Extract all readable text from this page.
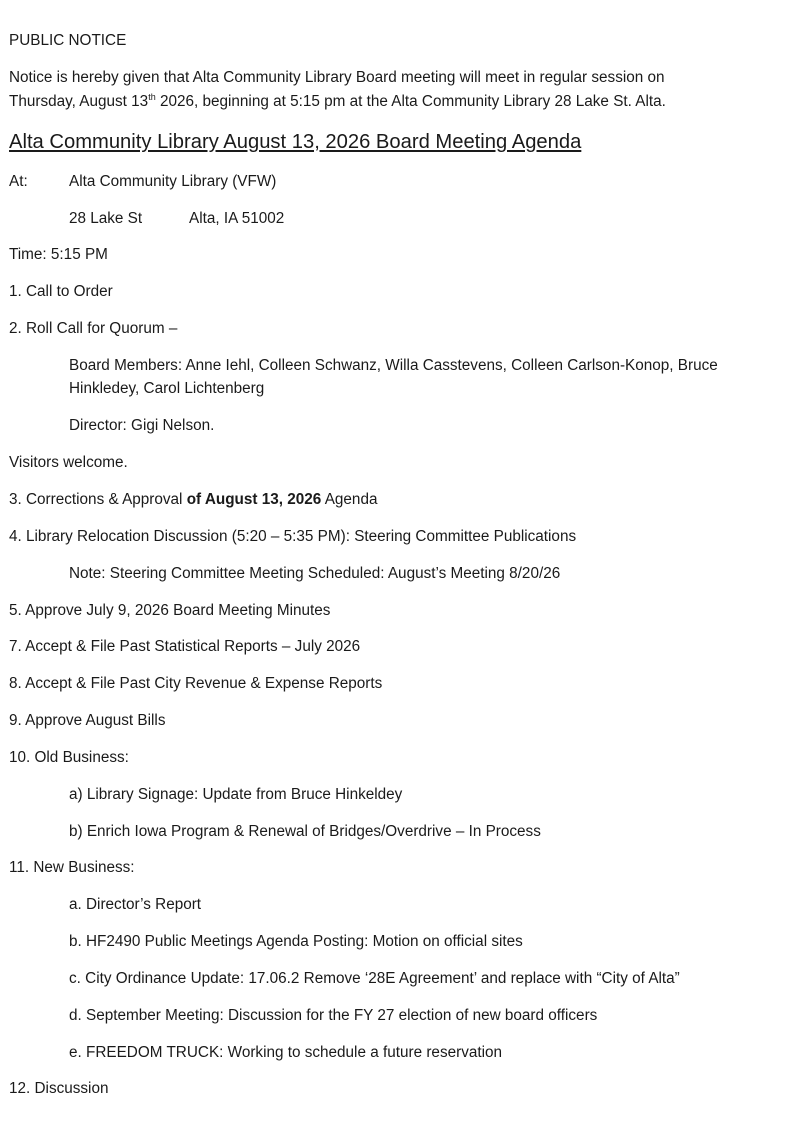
PUBLIC NOTICE
Notice is hereby given that Alta Community Library Board meeting will meet in regular session on
Thursday, August 13th 2026, beginning at 5:15 pm at the Alta Community Library 28 Lake St. Alta.
Alta Community Library August 13, 2026 Board Meeting Agenda
At:	Alta Community Library (VFW)
28 Lake St	Alta, IA 51002
Time: 5:15 PM
1. Call to Order
2. Roll Call for Quorum –
Board Members: Anne Iehl, Colleen Schwanz, Willa Casstevens, Colleen Carlson-Konop, Bruce
Hinkledey, Carol Lichtenberg
Director: Gigi Nelson.
Visitors welcome.
3. Corrections & Approval of August 13, 2026 Agenda
4. Library Relocation Discussion (5:20 – 5:35 PM): Steering Committee Publications
Note: Steering Committee Meeting Scheduled: August’s Meeting 8/20/26
5. Approve July 9, 2026 Board Meeting Minutes
7. Accept & File Past Statistical Reports – July 2026
8. Accept & File Past City Revenue & Expense Reports
9. Approve August Bills
10. Old Business:
a) Library Signage: Update from Bruce Hinkeldey
b) Enrich Iowa Program & Renewal of Bridges/Overdrive – In Process
11. New Business:
a. Director’s Report
b. HF2490 Public Meetings Agenda Posting: Motion on official sites
c. City Ordinance Update: 17.06.2 Remove ‘28E Agreement’ and replace with “City of Alta”
d. September Meeting: Discussion for the FY 27 election of new board officers
e. FREEDOM TRUCK: Working to schedule a future reservation
12. Discussion
